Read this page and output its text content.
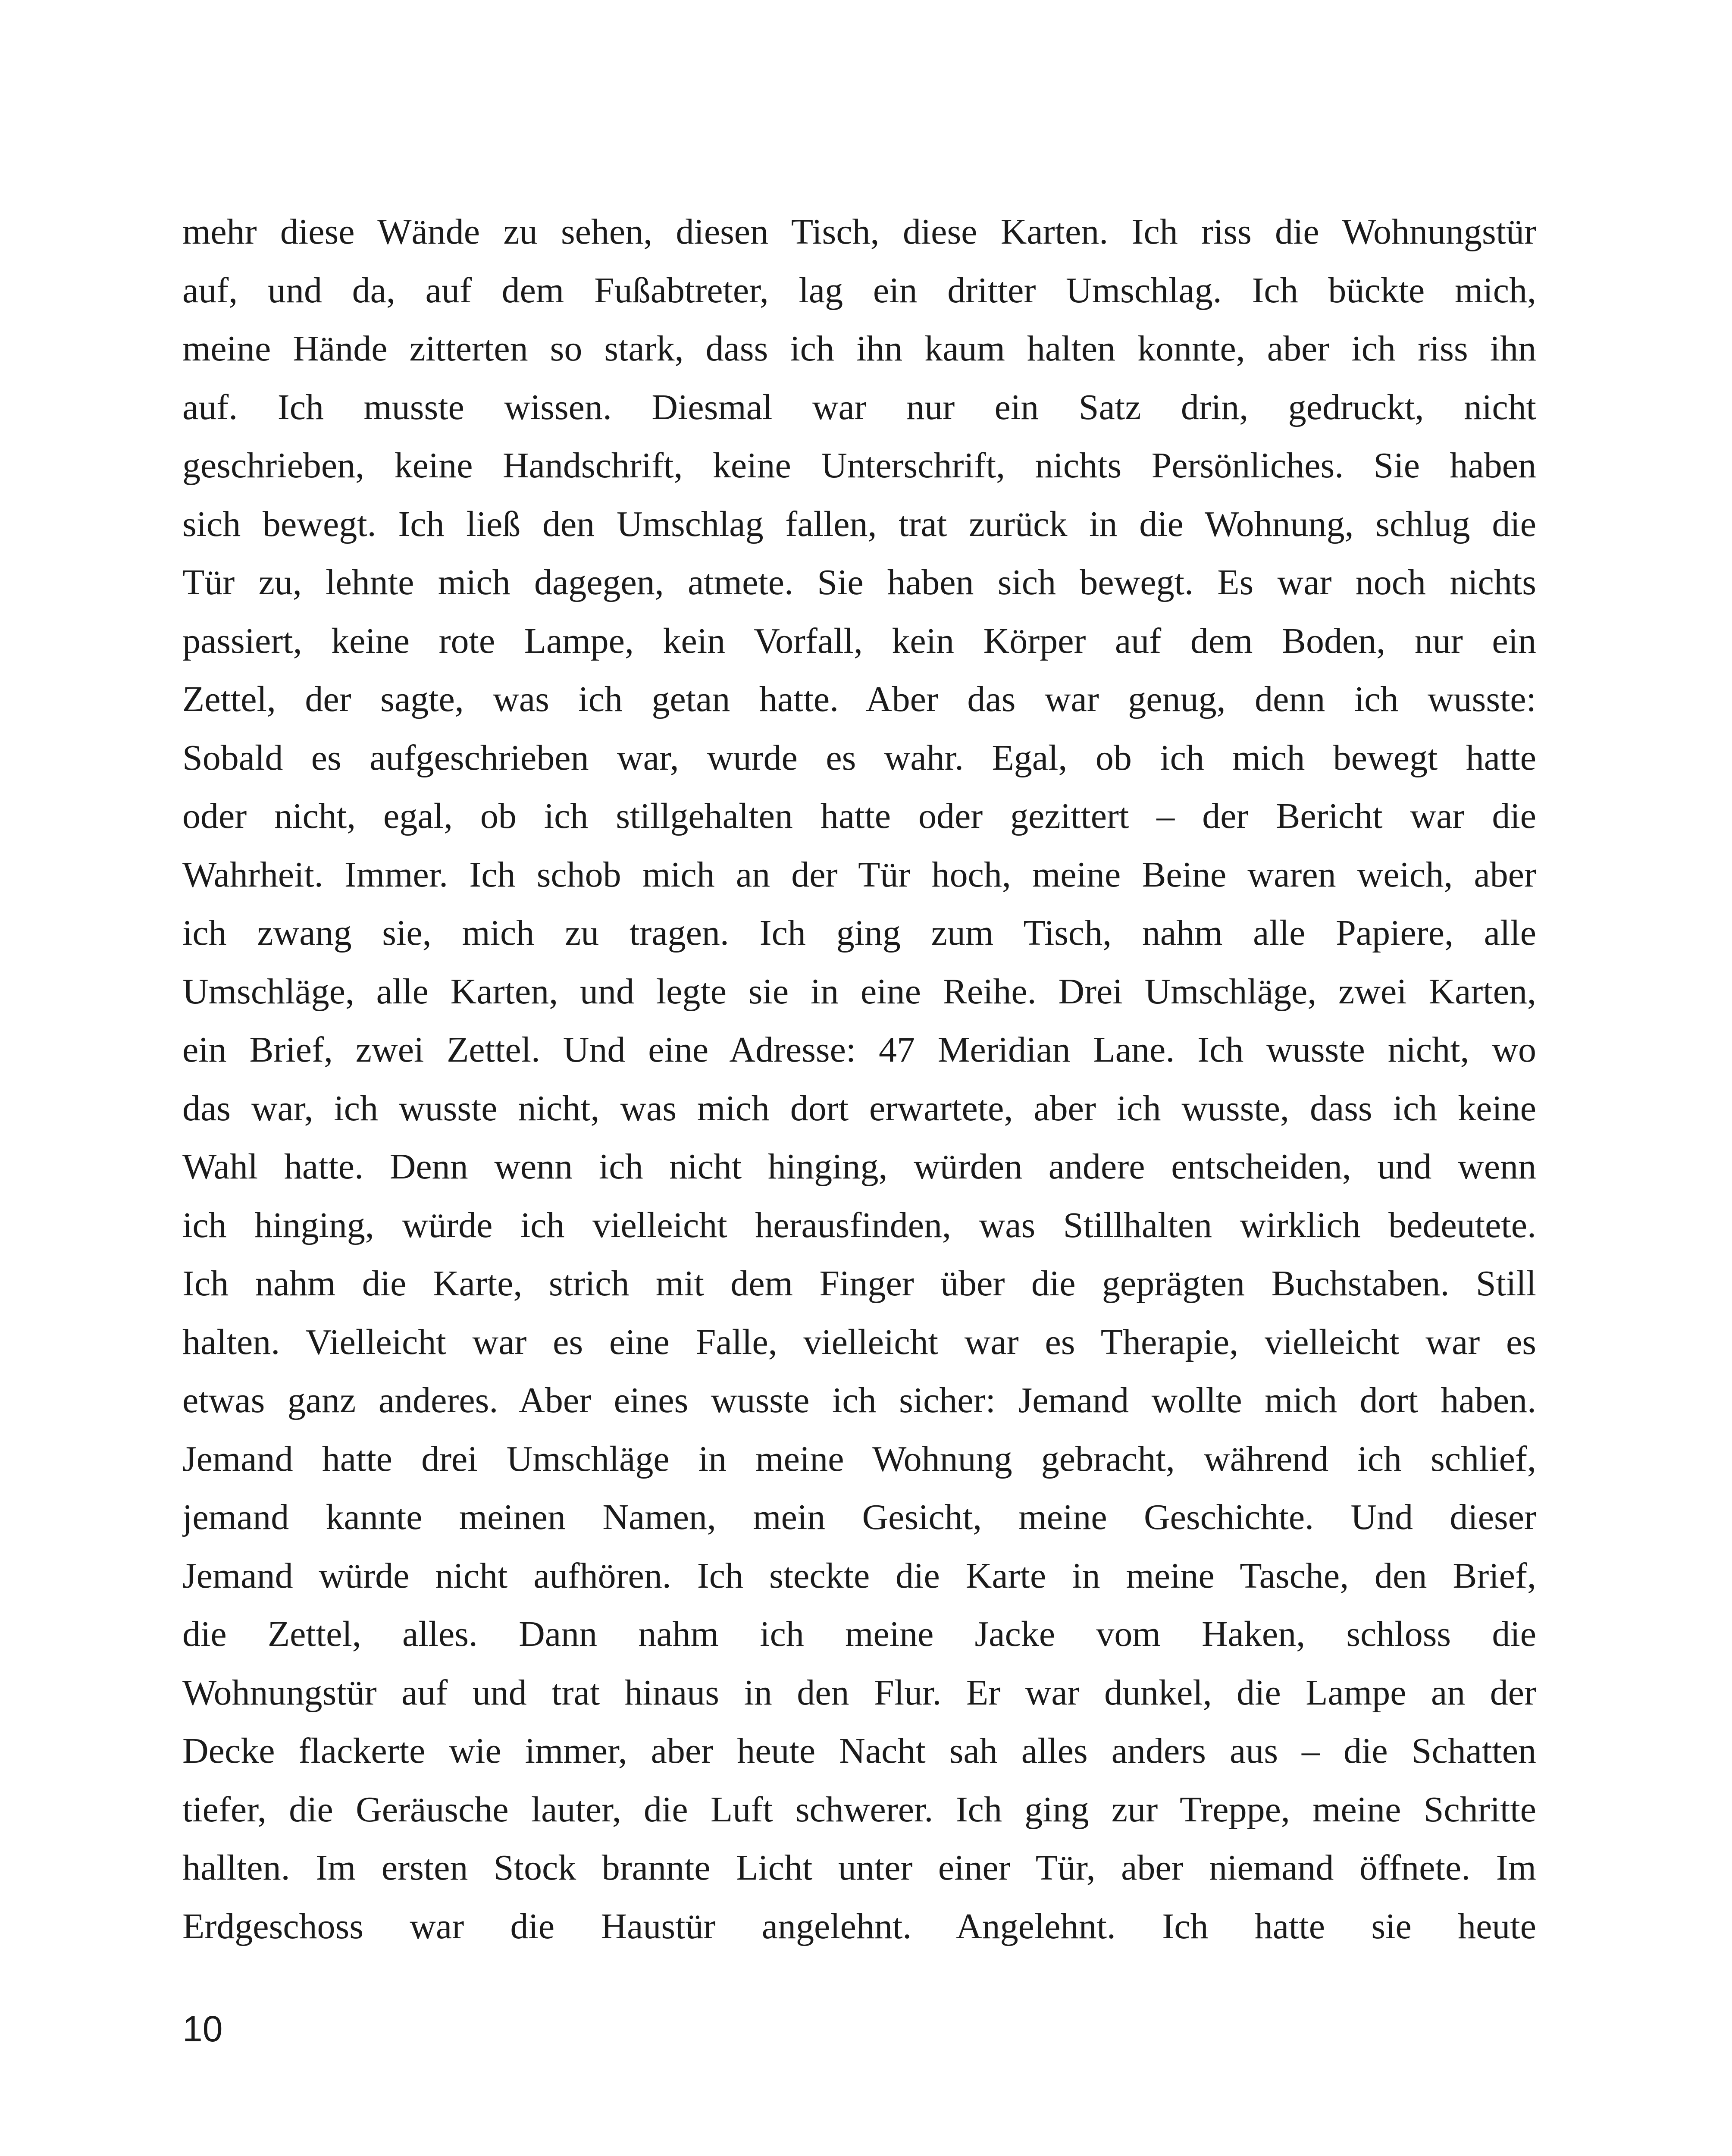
mehr diese Wände zu sehen, diesen Tisch, diese Karten. Ich riss die Wohnungstür
auf, und da, auf dem Fußabtreter, lag ein dritter Umschlag. Ich bückte mich,
meine Hände zitterten so stark, dass ich ihn kaum halten konnte, aber ich riss ihn
auf. Ich musste wissen. Diesmal war nur ein Satz drin, gedruckt, nicht
geschrieben, keine Handschrift, keine Unterschrift, nichts Persönliches. Sie haben
sich bewegt. Ich ließ den Umschlag fallen, trat zurück in die Wohnung, schlug die
Tür zu, lehnte mich dagegen, atmete. Sie haben sich bewegt. Es war noch nichts
passiert, keine rote Lampe, kein Vorfall, kein Körper auf dem Boden, nur ein
Zettel, der sagte, was ich getan hatte. Aber das war genug, denn ich wusste:
Sobald es aufgeschrieben war, wurde es wahr. Egal, ob ich mich bewegt hatte
oder nicht, egal, ob ich stillgehalten hatte oder gezittert – der Bericht war die
Wahrheit. Immer. Ich schob mich an der Tür hoch, meine Beine waren weich, aber
ich zwang sie, mich zu tragen. Ich ging zum Tisch, nahm alle Papiere, alle
Umschläge, alle Karten, und legte sie in eine Reihe. Drei Umschläge, zwei Karten,
ein Brief, zwei Zettel. Und eine Adresse: 47 Meridian Lane. Ich wusste nicht, wo
das war, ich wusste nicht, was mich dort erwartete, aber ich wusste, dass ich keine
Wahl hatte. Denn wenn ich nicht hinging, würden andere entscheiden, und wenn
ich hinging, würde ich vielleicht herausfinden, was Stillhalten wirklich bedeutete.
Ich nahm die Karte, strich mit dem Finger über die geprägten Buchstaben. Still
halten. Vielleicht war es eine Falle, vielleicht war es Therapie, vielleicht war es
etwas ganz anderes. Aber eines wusste ich sicher: Jemand wollte mich dort haben.
Jemand hatte drei Umschläge in meine Wohnung gebracht, während ich schlief,
jemand kannte meinen Namen, mein Gesicht, meine Geschichte. Und dieser
Jemand würde nicht aufhören. Ich steckte die Karte in meine Tasche, den Brief,
die Zettel, alles. Dann nahm ich meine Jacke vom Haken, schloss die
Wohnungstür auf und trat hinaus in den Flur. Er war dunkel, die Lampe an der
Decke flackerte wie immer, aber heute Nacht sah alles anders aus – die Schatten
tiefer, die Geräusche lauter, die Luft schwerer. Ich ging zur Treppe, meine Schritte
hallten. Im ersten Stock brannte Licht unter einer Tür, aber niemand öffnete. Im
Erdgeschoss war die Haustür angelehnt. Angelehnt. Ich hatte sie heute
10
